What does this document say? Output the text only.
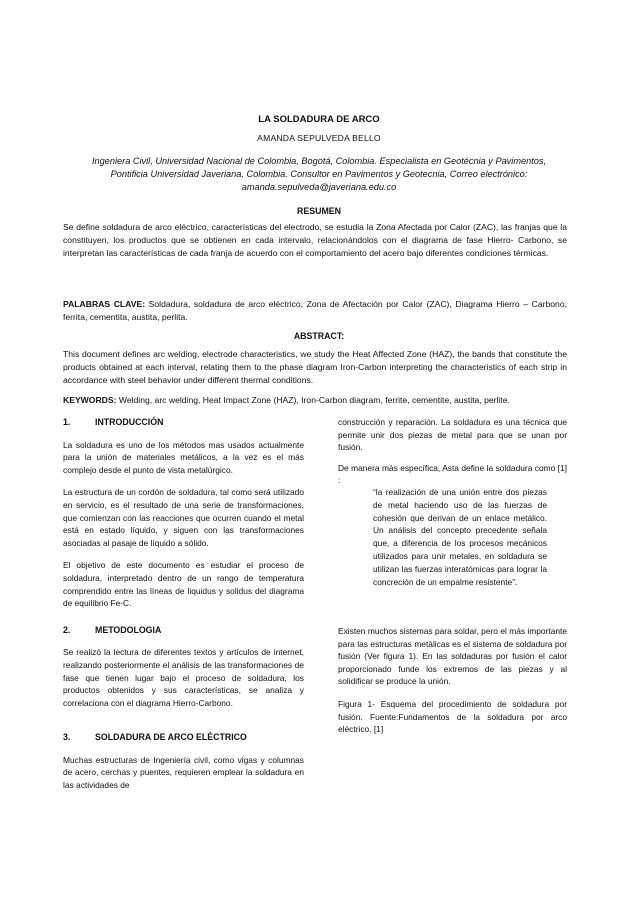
LA SOLDADURA DE ARCO
AMANDA SEPULVEDA BELLO
Ingeniera Civil, Universidad Nacional de Colombia, Bogotá, Colombia. Especialista en Geotécnia y Pavimentos,
Pontificia Universidad Javeriana, Colombia. Consultor en Pavimentos y Geotecnia, Correo electrónico:
amanda.sepulveda@javeriana.edu.co
RESUMEN

Se define soldadura de arco eléctrico, características del electrodo, se estudia la Zona Afectada por Calor (ZAC), las franjas que la constituyen, los productos que se obtienen en cada intervalo, relacionándolos con el diagrama de fase Hierro- Carbono, se interpretan las características de cada franja de acuerdo con el comportamiento del acero bajo diferentes condiciones térmicas.

PALABRAS CLAVE: Soldadura, soldadura de arco eléctrico, Zona de Afectación por Calor (ZAC), Diagrama Hierro – Carbono, ferrita, cementita, austita, perlita.

ABSTRACT:

This document defines arc welding, electrode characteristics, we study the Heat Affected Zone (HAZ), the bands that constitute the products obtained at each interval, relating them to the phase diagram Iron-Carbon interpreting the characteristics of each strip in accordance with steel behavior under different thermal conditions.

KEYWORDS: Welding, arc welding, Heat Impact Zone (HAZ), Iron-Carbon diagram, ferrite, cementite, austita, perlite.

1.	INTRODUCCIÓN

La soldadura es uno de los métodos mas usados actualmente para la unión de materiales metálicos, a la vez es el más complejo desde el punto de vista metalúrgico.

La estructura de un cordón de soldadura, tal como será utilizado en servicio, es el resultado de una serie de transformaciones, que comienzan con las reacciones que ocurren cuando el metal está en estado líquido, y siguen con las transformaciones asociadas al pasaje de líquido a sólido.

El objetivo de este documento es estudiar el proceso de soldadura, interpretado dentro de un rango de temperatura comprendido entre las líneas de liquidus y solidus del diagrama de equilibrio Fe-C.

2.	METODOLOGIA

Se realizó la lectura de diferentes textos y artículos de internet, realizando posteriormente el análisis de las transformaciones de fase que tienen lugar bajo el proceso de soldadura, los productos obtenidos y sus características, se analiza y correlaciona con el diagrama Hierro-Carbono.

3.	SOLDADURA DE ARCO ELÉCTRICO

Muchas estructuras de Ingeniería civil, como vigas y columnas de acero, cerchas y puentes, requieren emplear la soldadura en las actividades de

construcción y reparación. La soldadura es una técnica que permite unir dos piezas de metal para que se unan por fusión.

De manera más específica, Asta define la soldadura como [1] :

“la realización de una unión entre dos piezas de metal haciendo uso de las fuerzas de cohesión que derivan de un enlace metálico. Un análisis del concepto precedente señala que, a diferencia de los procesos mecánicos utilizados para unir metales, en soldadura se utilizan las fuerzas interatómicas para lograr la concreción de un empalme resistente”.

Existen muchos sistemas para soldar, pero el más importante para las estructuras metálicas es el sistema de soldadura por fusión (Ver figura 1). En las soldaduras por fusión el calor proporcionado funde los extremos de las piezas y al solidificar se produce la unión.

Figura 1- Esquema del procedimiento de soldadura por fusión. Fuente:Fundamentos de la soldadura por arco eléctrico. [1]
